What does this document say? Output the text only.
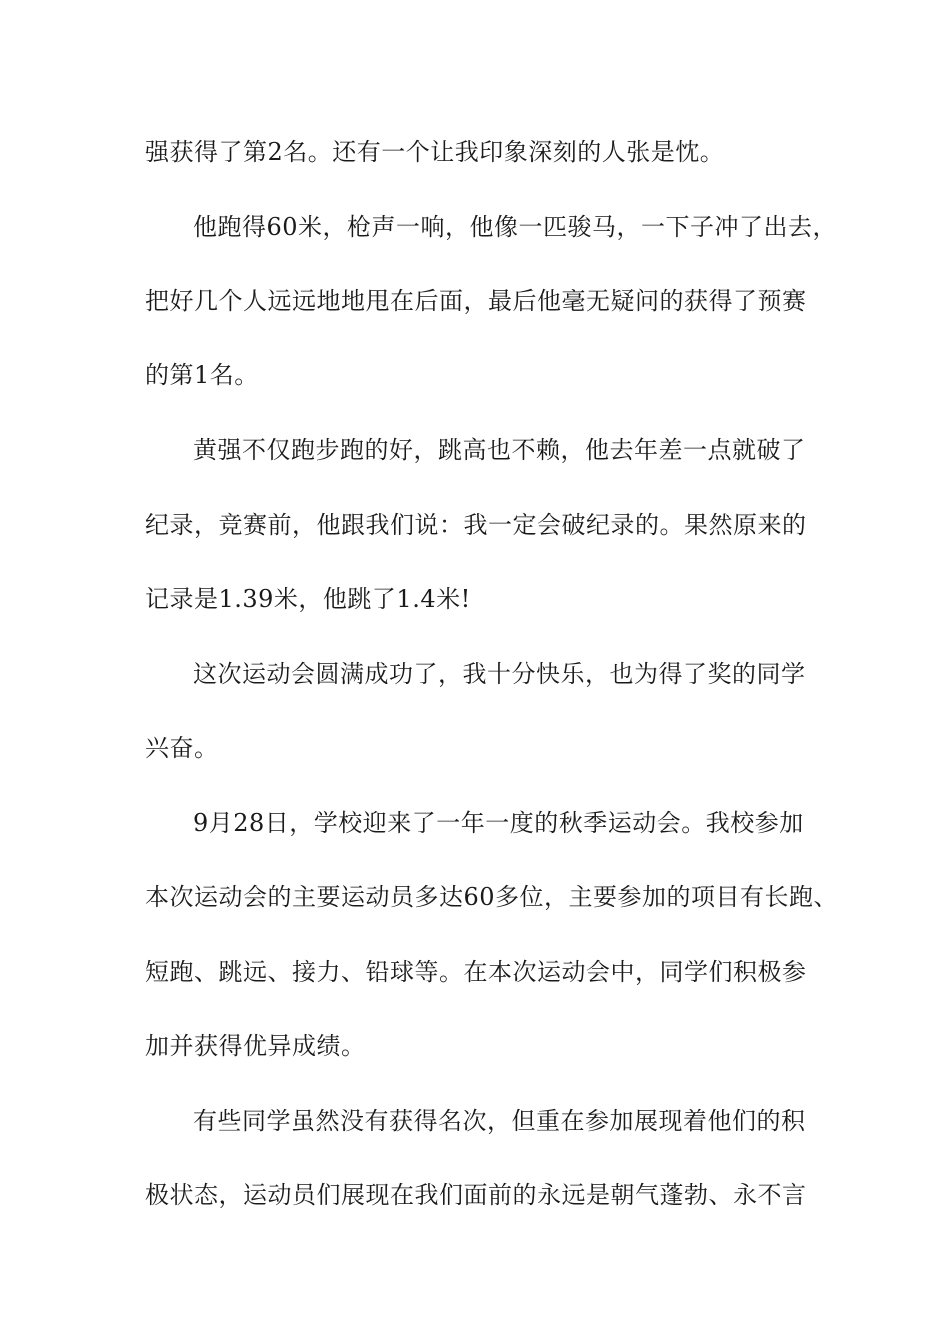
强获得了第2名。还有一个让我印象深刻的人张是忱。
他跑得60米，枪声一响，他像一匹骏马，一下子冲了出去，
把好几个人远远地地甩在后面，最后他毫无疑问的获得了预赛
的第1名。
黄强不仅跑步跑的好，跳高也不赖，他去年差一点就破了
纪录，竞赛前，他跟我们说：我一定会破纪录的。果然原来的
记录是1.39米，他跳了1.4米!
这次运动会圆满成功了，我十分快乐，也为得了奖的同学
兴奋。
9月28日，学校迎来了一年一度的秋季运动会。我校参加
本次运动会的主要运动员多达60多位，主要参加的项目有长跑、
短跑、跳远、接力、铅球等。在本次运动会中，同学们积极参
加并获得优异成绩。
有些同学虽然没有获得名次，但重在参加展现着他们的积
极状态，运动员们展现在我们面前的永远是朝气蓬勃、永不言
